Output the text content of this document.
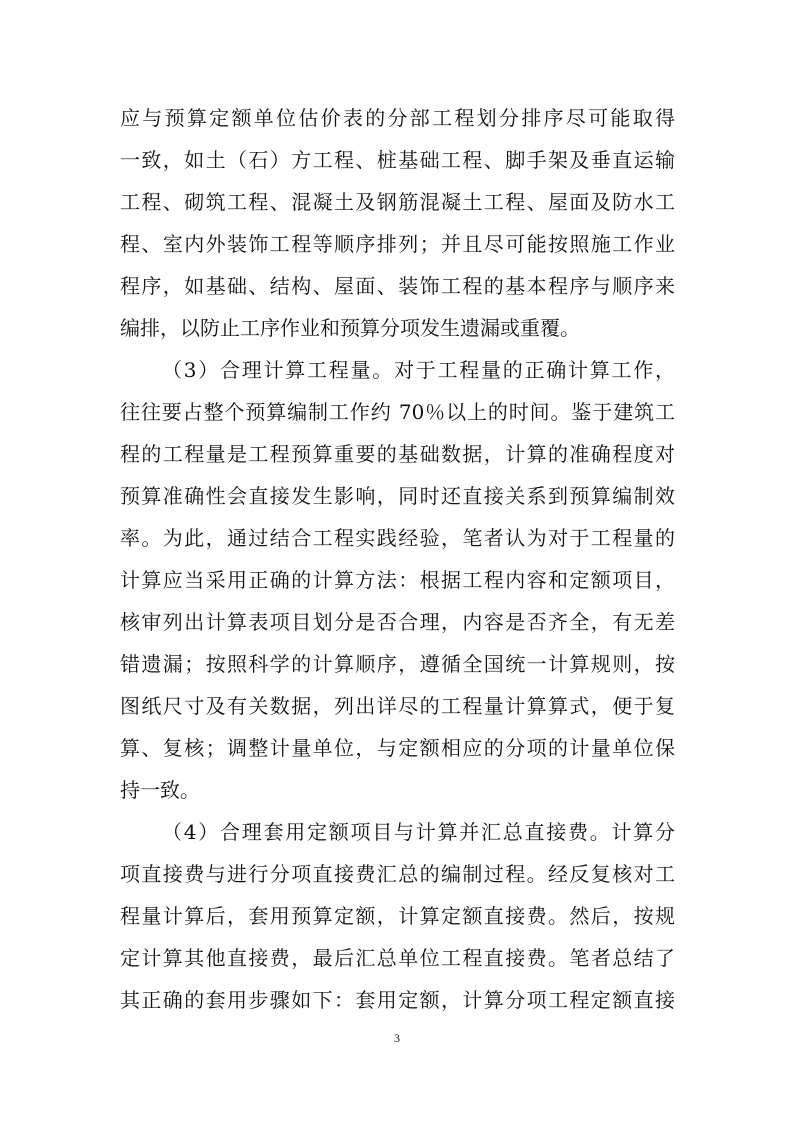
应与预算定额单位估价表的分部工程划分排序尽可能取得
一致，如土（石）方工程、桩基础工程、脚手架及垂直运输
工程、砌筑工程、混凝土及钢筋混凝土工程、屋面及防水工
程、室内外装饰工程等顺序排列；并且尽可能按照施工作业
程序，如基础、结构、屋面、装饰工程的基本程序与顺序来
编排，以防止工序作业和预算分项发生遗漏或重覆。
（3）合理计算工程量。对于工程量的正确计算工作，
往往要占整个预算编制工作约 70％以上的时间。鉴于建筑工
程的工程量是工程预算重要的基础数据，计算的准确程度对
预算准确性会直接发生影响，同时还直接关系到预算编制效
率。为此，通过结合工程实践经验，笔者认为对于工程量的
计算应当采用正确的计算方法：根据工程内容和定额项目，
核审列出计算表项目划分是否合理，内容是否齐全，有无差
错遗漏；按照科学的计算顺序，遵循全国统一计算规则，按
图纸尺寸及有关数据，列出详尽的工程量计算算式，便于复
算、复核；调整计量单位，与定额相应的分项的计量单位保
持一致。
（4）合理套用定额项目与计算并汇总直接费。计算分
项直接费与进行分项直接费汇总的编制过程。经反复核对工
程量计算后，套用预算定额，计算定额直接费。然后，按规
定计算其他直接费，最后汇总单位工程直接费。笔者总结了
其正确的套用步骤如下：套用定额，计算分项工程定额直接
3
